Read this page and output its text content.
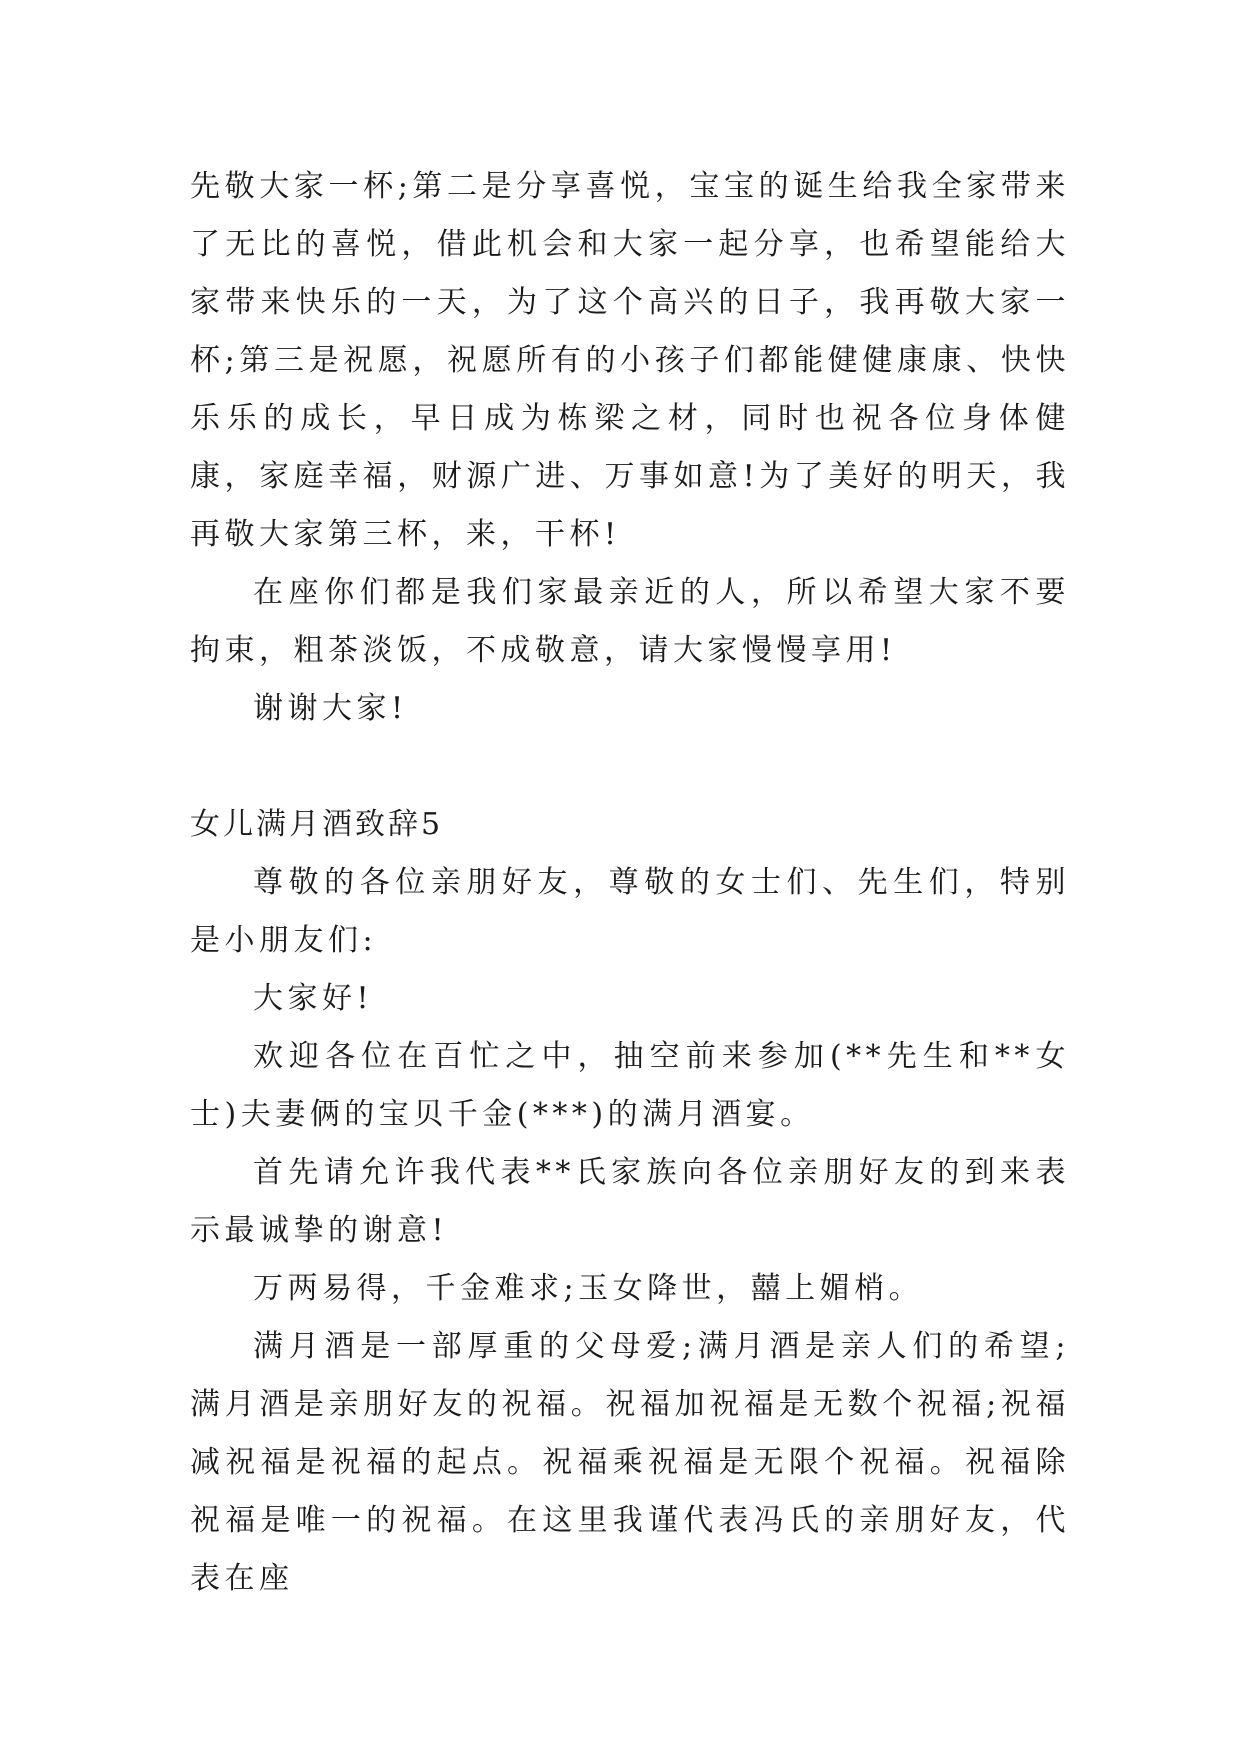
先敬大家一杯;第二是分享喜悦，宝宝的诞生给我全家带来了无比的喜悦，借此机会和大家一起分享，也希望能给大家带来快乐的一天，为了这个高兴的日子，我再敬大家一杯;第三是祝愿，祝愿所有的小孩子们都能健健康康、快快乐乐的成长，早日成为栋梁之材，同时也祝各位身体健康，家庭幸福，财源广进、万事如意!为了美好的明天，我再敬大家第三杯，来，干杯!

在座你们都是我们家最亲近的人，所以希望大家不要拘束，粗茶淡饭，不成敬意，请大家慢慢享用!

谢谢大家!

女儿满月酒致辞5

尊敬的各位亲朋好友，尊敬的女士们、先生们，特别是小朋友们:

大家好!

欢迎各位在百忙之中，抽空前来参加(**先生和**女士)夫妻俩的宝贝千金(***)的满月酒宴。

首先请允许我代表**氏家族向各位亲朋好友的到来表示最诚挚的谢意!

万两易得，千金难求;玉女降世，囍上媚梢。

满月酒是一部厚重的父母爱;满月酒是亲人们的希望;满月酒是亲朋好友的祝福。祝福加祝福是无数个祝福;祝福减祝福是祝福的起点。祝福乘祝福是无限个祝福。祝福除祝福是唯一的祝福。在这里我谨代表冯氏的亲朋好友，代表在座
